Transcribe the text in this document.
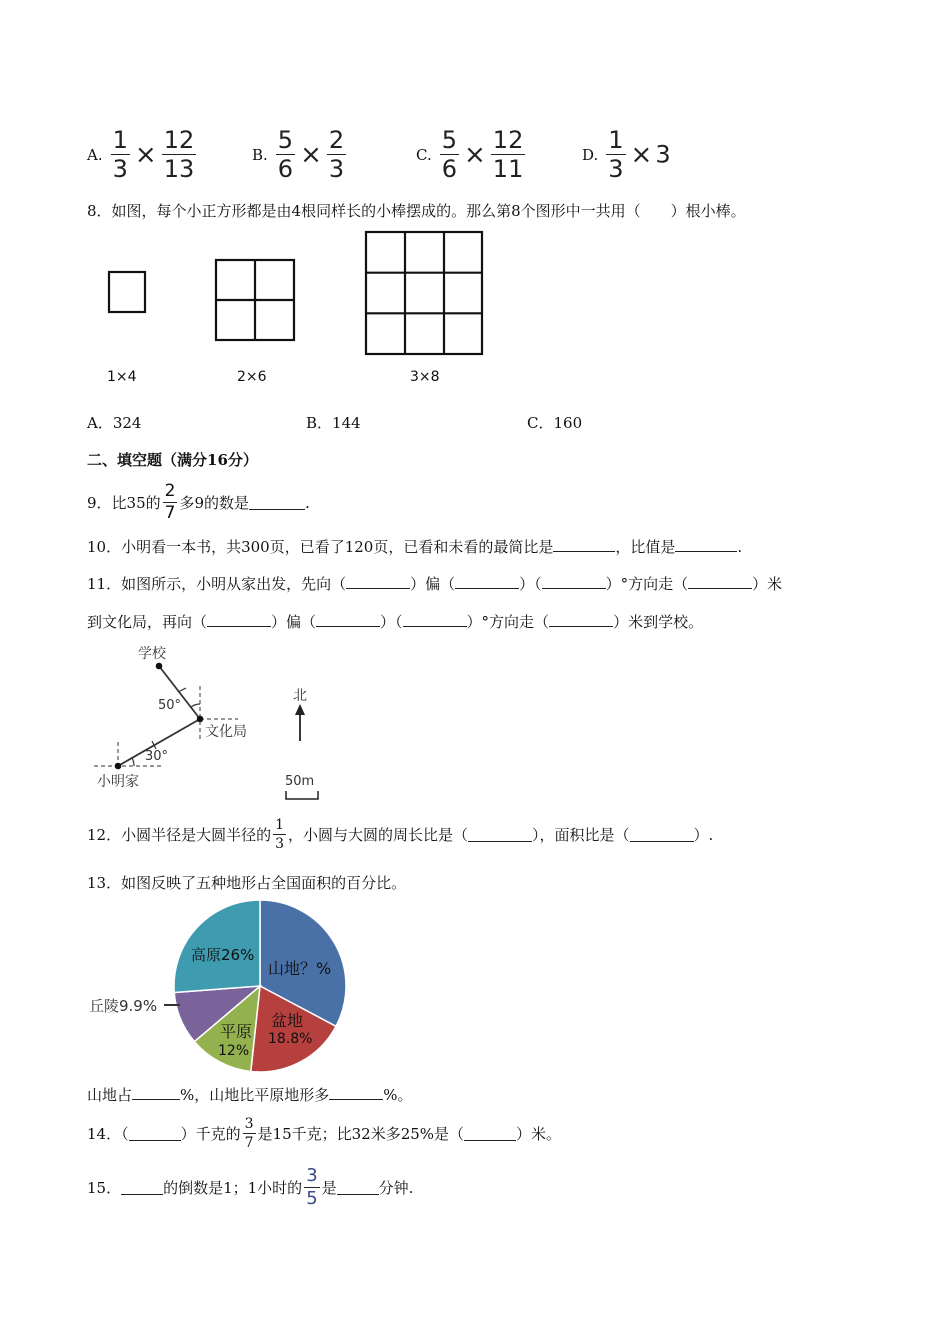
A. $\frac{1}{3} \times \frac{12}{13}$	B. $\frac{5}{6} \times \frac{2}{3}$	C. $\frac{5}{6} \times \frac{12}{11}$	D. $\frac{1}{3} \times 3$
8．如图，每个小正方形都是由4根同样长的小棒摆成的。那么第8个图形中一共用（　　）根小棒。
1×4	2×6	3×8
A．324	B．144	C．160
二、填空题（满分16分）
9．比35的 $\frac{2}{7}$ 多9的数是	.
10．小明看一本书，共300页，已看了120页，已看和未看的最简比是	，比值是	.
11．如图所示，小明从家出发，先向（	）偏（	）（	）°方向走（	）米
到文化局，再向（	）偏（	）（	）°方向走（	）米到学校。
学校
50°
文化局
30°
小明家
北
50m
12．小圆半径是大圆半径的 $\frac{1}{3}$ ，小圆与大圆的周长比是（	），面积比是（	）.
13．如图反映了五种地形占全国面积的百分比。
山地？%
盆地
18.8%
平原
12%
高原26%
丘陵9.9%
山地占	%，山地比平原地形多	%。
14．（	）千克的 $\frac{3}{7}$ 是15千克；比32米多25%是（	）米。
15．	的倒数是1；1小时的 $\frac{3}{5}$ 是	分钟.
